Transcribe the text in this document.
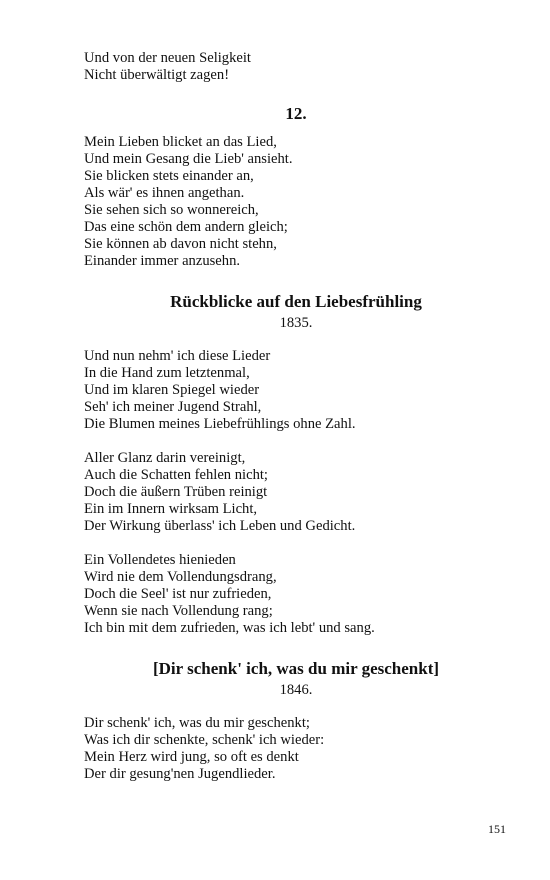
Und von der neuen Seligkeit
Nicht überwältigt zagen!

12.

Mein Lieben blicket an das Lied,
Und mein Gesang die Lieb' ansieht.
Sie blicken stets einander an,
Als wär' es ihnen angethan.
Sie sehen sich so wonnereich,
Das eine schön dem andern gleich;
Sie können ab davon nicht stehn,
Einander immer anzusehn.

Rückblicke auf den Liebesfrühling

1835.

Und nun nehm' ich diese Lieder
In die Hand zum letztenmal,
Und im klaren Spiegel wieder
Seh' ich meiner Jugend Strahl,
Die Blumen meines Liebefrühlings ohne Zahl.

Aller Glanz darin vereinigt,
Auch die Schatten fehlen nicht;
Doch die äußern Trüben reinigt
Ein im Innern wirksam Licht,
Der Wirkung überlass' ich Leben und Gedicht.

Ein Vollendetes hienieden
Wird nie dem Vollendungsdrang,
Doch die Seel' ist nur zufrieden,
Wenn sie nach Vollendung rang;
Ich bin mit dem zufrieden, was ich lebt' und sang.

[Dir schenk' ich, was du mir geschenkt]

1846.

Dir schenk' ich, was du mir geschenkt;
Was ich dir schenkte, schenk' ich wieder:
Mein Herz wird jung, so oft es denkt
Der dir gesung'nen Jugendlieder.

151
